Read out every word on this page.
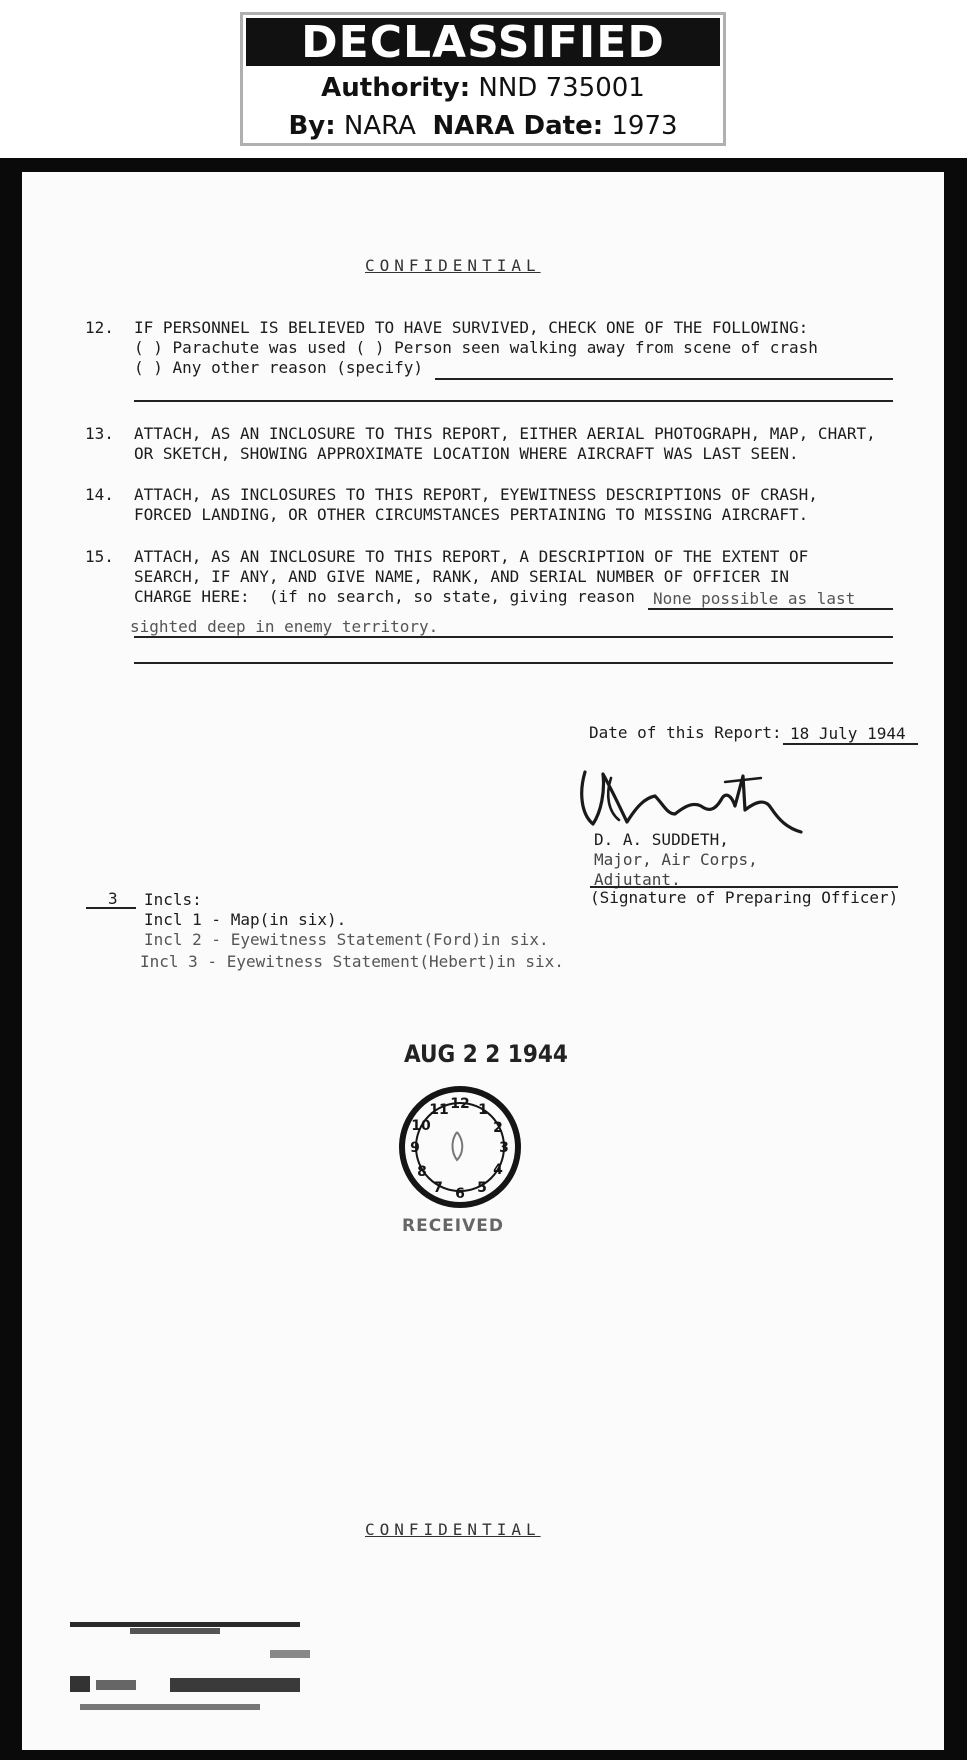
DECLASSIFIED
Authority: NND 735001
By: NARA NARA Date: 1973
CONFIDENTIAL
12. IF PERSONNEL IS BELIEVED TO HAVE SURVIVED, CHECK ONE OF THE FOLLOWING:
( ) Parachute was used ( ) Person seen walking away from scene of crash
( ) Any other reason (specify)
13. ATTACH, AS AN INCLOSURE TO THIS REPORT, EITHER AERIAL PHOTOGRAPH, MAP, CHART,
OR SKETCH, SHOWING APPROXIMATE LOCATION WHERE AIRCRAFT WAS LAST SEEN.
14. ATTACH, AS INCLOSURES TO THIS REPORT, EYEWITNESS DESCRIPTIONS OF CRASH,
FORCED LANDING, OR OTHER CIRCUMSTANCES PERTAINING TO MISSING AIRCRAFT.
15. ATTACH, AS AN INCLOSURE TO THIS REPORT, A DESCRIPTION OF THE EXTENT OF
SEARCH, IF ANY, AND GIVE NAME, RANK, AND SERIAL NUMBER OF OFFICER IN
CHARGE HERE:  (if no search, so state, giving reason None possible as last
sighted deep in enemy territory.
Date of this Report: 18 July 1944
D. A. SUDDETH,
Major, Air Corps,
Adjutant.
(Signature of Preparing Officer)
3 Incls:
Incl 1 - Map(in six).
Incl 2 - Eyewitness Statement(Ford)in six.
Incl 3 - Eyewitness Statement(Hebert)in six.
AUG 2 2 1944
12 1
2
3
4
5
6
7
8
9
10
11
RECEIVED
CONFIDENTIAL
